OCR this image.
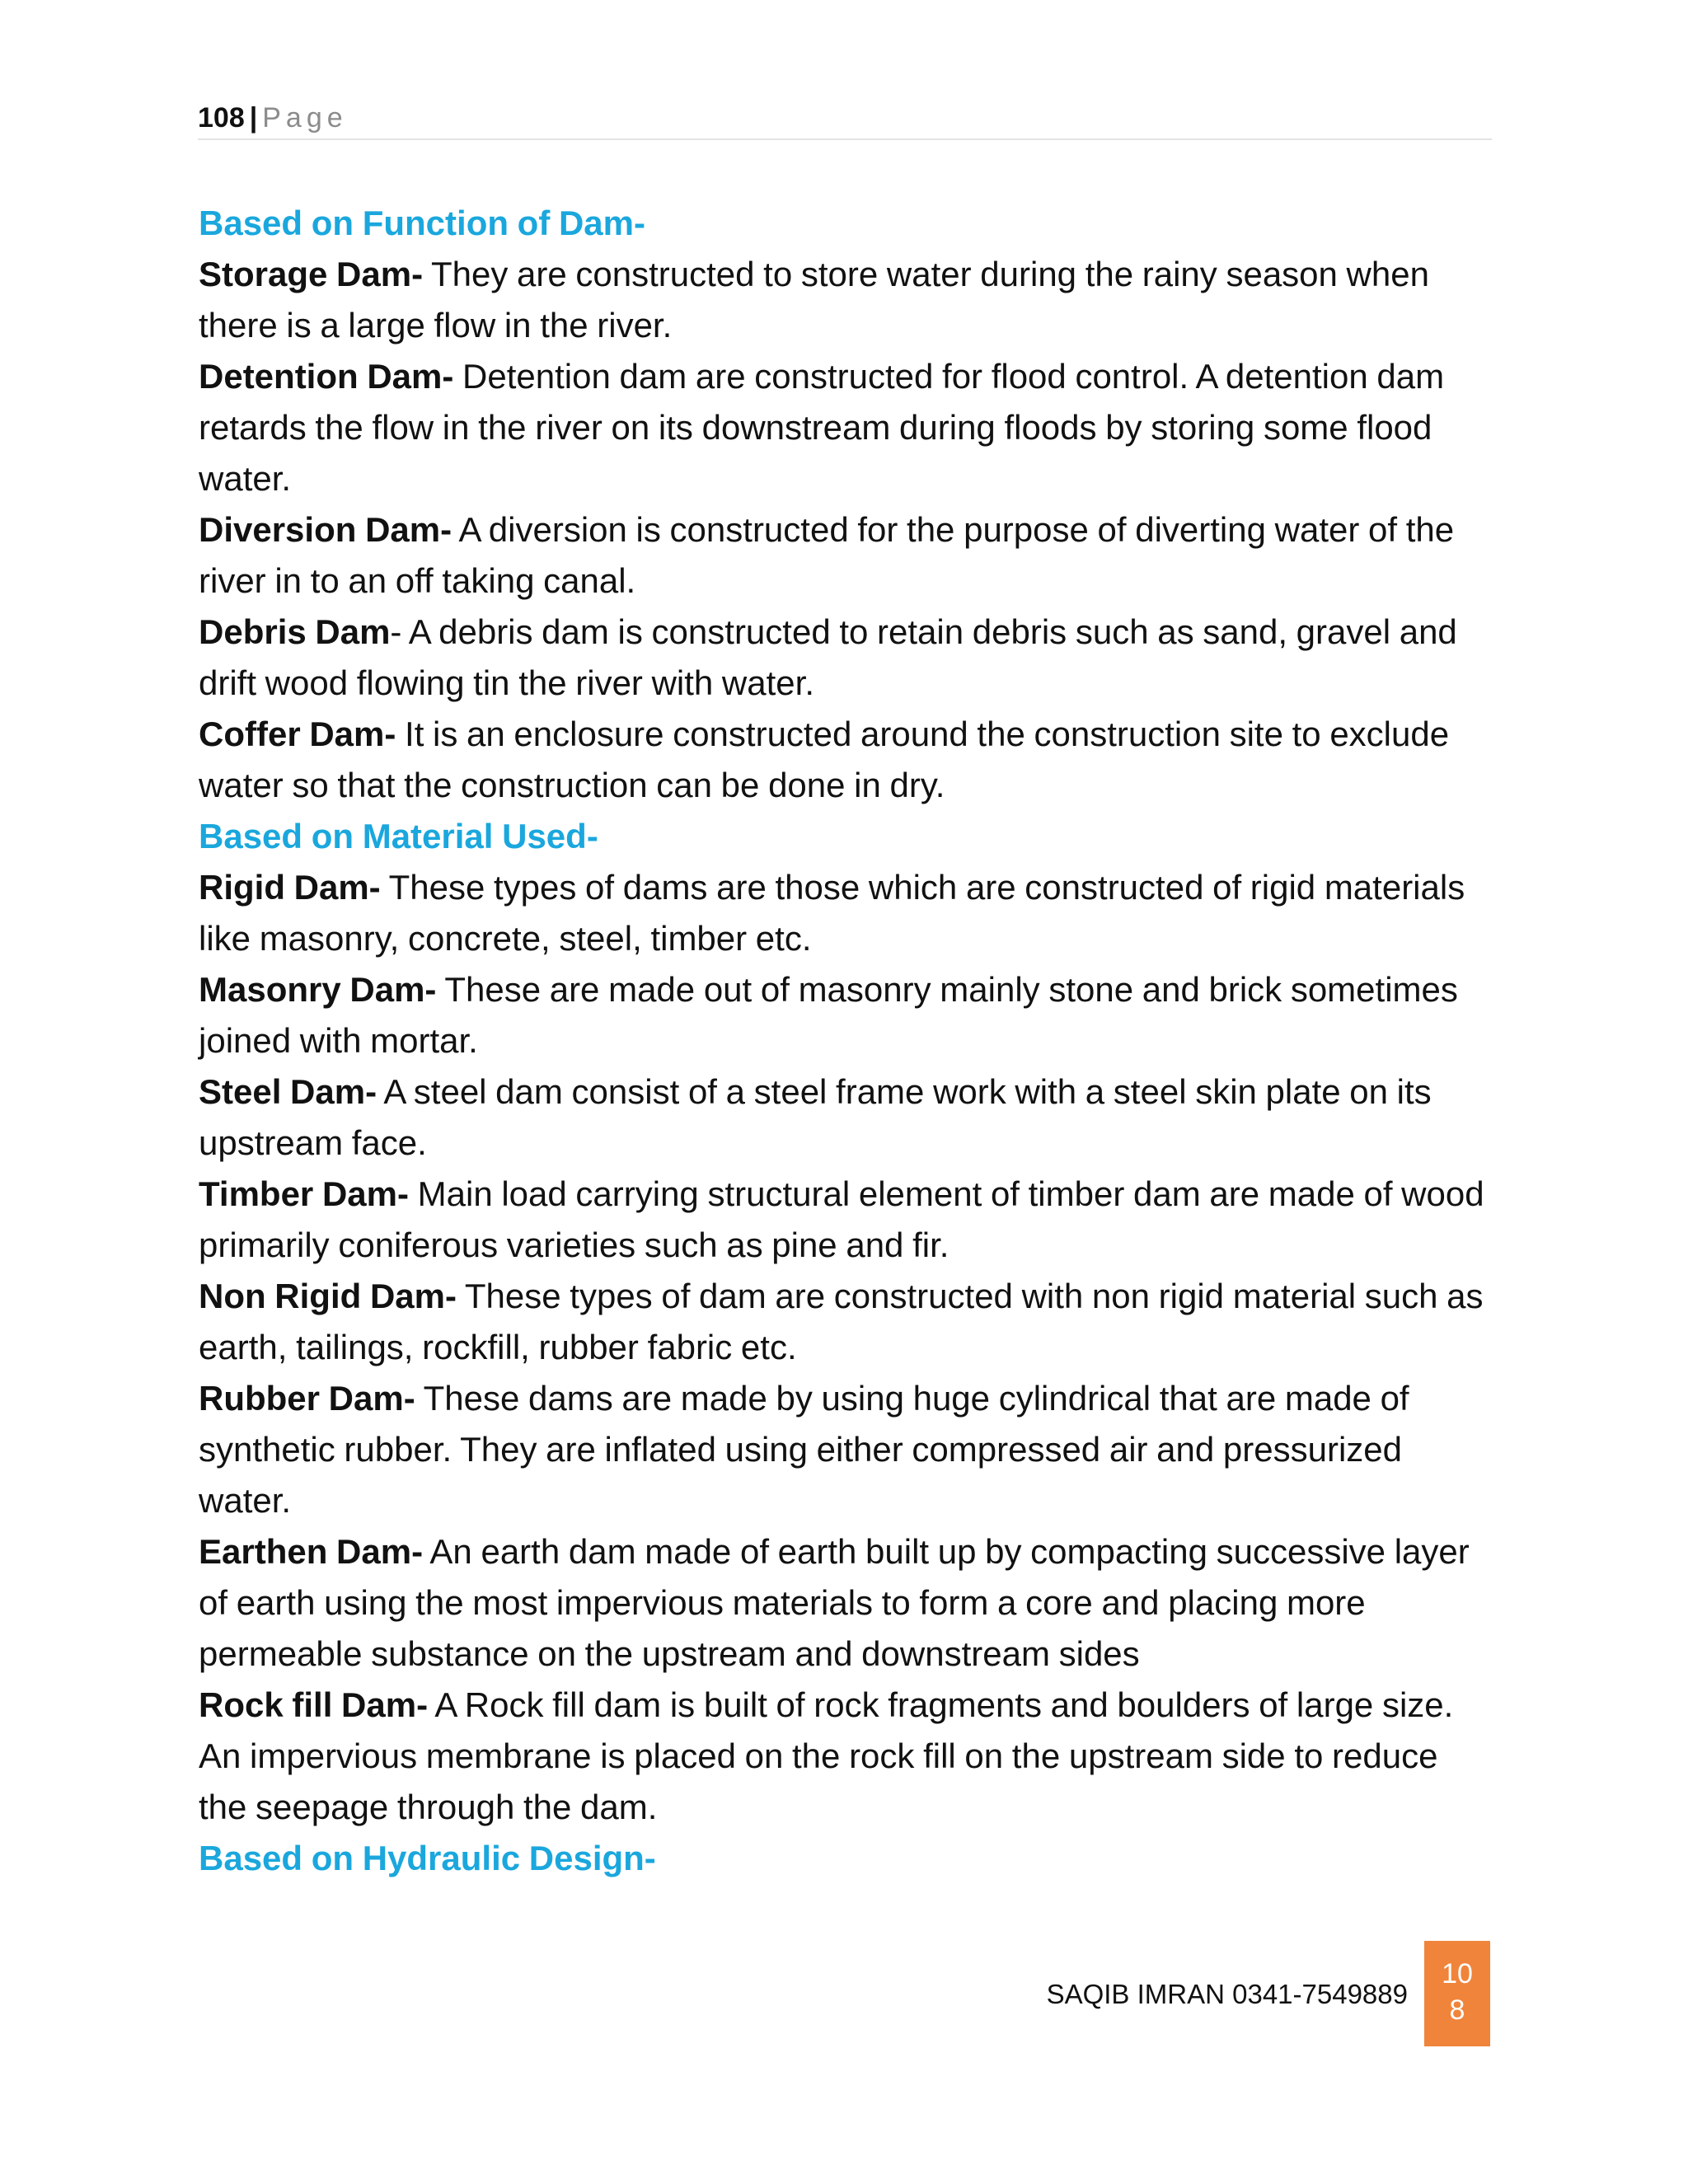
108 | Page
Based on Function of Dam-
Storage Dam- They are constructed to store water during the rainy season when there is a large flow in the river.
Detention Dam- Detention dam are constructed for flood control. A detention dam retards the flow in the river on its downstream during floods by storing some flood water.
Diversion Dam- A diversion is constructed for the purpose of diverting water of the river in to an off taking canal.
Debris Dam- A debris dam is constructed to retain debris such as sand, gravel and drift wood flowing tin the river with water.
Coffer Dam- It is an enclosure constructed around the construction site to exclude water so that the construction can be done in dry.
Based on Material Used-
Rigid Dam- These types of dams are those which are constructed of rigid materials like masonry, concrete, steel, timber etc.
Masonry Dam- These are made out of masonry mainly stone and brick sometimes joined with mortar.
Steel Dam- A steel dam consist of a steel frame work with a steel skin plate on its upstream face.
Timber Dam- Main load carrying structural element of timber dam are made of wood primarily coniferous varieties such as pine and fir.
Non Rigid Dam- These types of dam are constructed with non rigid material such as earth, tailings, rockfill, rubber fabric etc.
Rubber Dam- These dams are made by using huge cylindrical that are made of synthetic rubber. They are inflated using either compressed air and pressurized water.
Earthen Dam- An earth dam made of earth built up by compacting successive layer of earth using the most impervious materials to form a core and placing more permeable substance on the upstream and downstream sides
Rock fill Dam- A Rock fill dam is built of rock fragments and boulders of large size. An impervious membrane is placed on the rock fill on the upstream side to reduce the seepage through the dam.
Based on Hydraulic Design-
SAQIB IMRAN 0341-7549889
10
8
